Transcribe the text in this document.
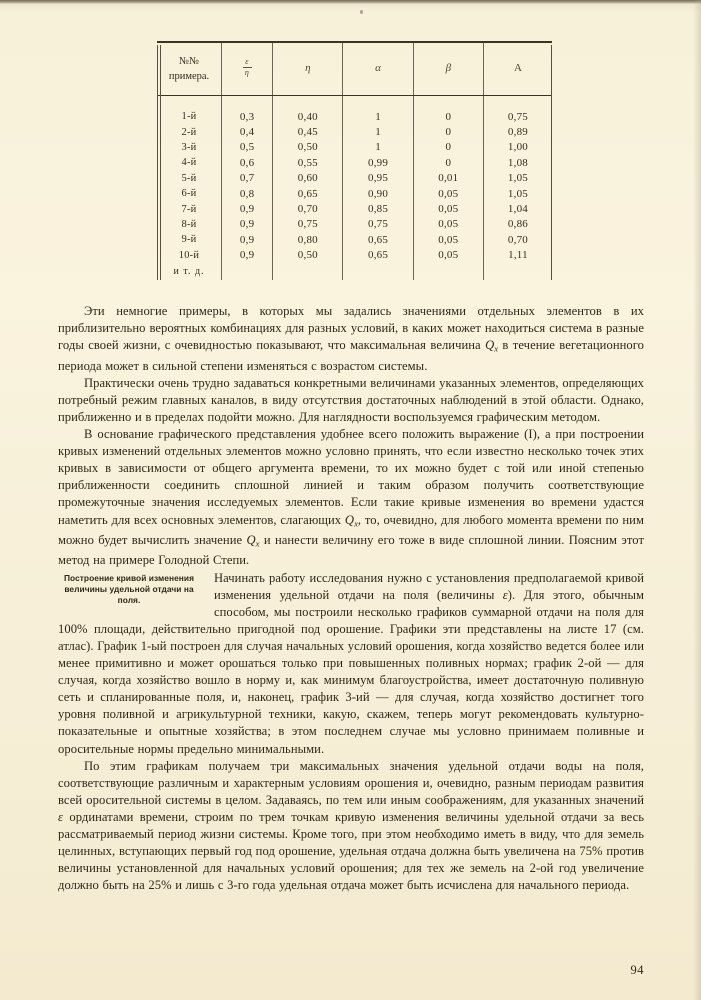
№№
примера.	$\frac{\varepsilon}{\eta}$	η	α	β	A

1-й	0,3	0,40	1	0	0,75
2-й	0,4	0,45	1	0	0,89
3-й	0,5	0,50	1	0	1,00
4-й	0,6	0,55	0,99	0	1,08
5-й	0,7	0,60	0,95	0,01	1,05
6-й	0,8	0,65	0,90	0,05	1,05
7-й	0,9	0,70	0,85	0,05	1,04
8-й	0,9	0,75	0,75	0,05	0,86
9-й	0,9	0,80	0,65	0,05	0,70
10-й	0,9	0,50	0,65	0,05	1,11
и т. д.					

Эти немногие примеры, в которых мы задались значениями отдельных элементов в их приблизительно вероятных комбинациях для разных условий, в каких может находиться система в разные годы своей жизни, с очевидностью показывают, что максимальная величина $Q_x$ в течение вегетационного периода может в сильной степени изменяться с возрастом системы.

Практически очень трудно задаваться конкретными величинами указанных элементов, определяющих потребный режим главных каналов, в виду отсутствия достаточных наблюдений в этой области. Однако, приближенно и в пределах подойти можно. Для наглядности воспользуемся графическим методом.

В основание графического представления удобнее всего положить выражение (I), а при построении кривых изменений отдельных элементов можно условно принять, что если известно несколько точек этих кривых в зависимости от общего аргумента времени, то их можно будет с той или иной степенью приближенности соединить сплошной линией и таким образом получить соответствующие промежуточные значения исследуемых элементов. Если такие кривые изменения во времени удастся наметить для всех основных элементов, слагающих $Q_x$, то, очевидно, для любого момента времени по ним можно будет вычислить значение $Q_x$ и нанести величину его тоже в виде сплошной линии. Поясним этот метод на примере Голодной Степи.

Построение кривой изменения величины удельной отдачи на поля.

Начинать работу исследования нужно с установления предполагаемой кривой изменения удельной отдачи на поля (величины ε). Для этого, обычным способом, мы построили несколько графиков суммарной отдачи на поля для 100% площади, действительно пригодной под орошение. Графики эти представлены на листе 17 (см. атлас). График 1-ый построен для случая начальных условий орошения, когда хозяйство ведется более или менее примитивно и может орошаться только при повышенных поливных нормах; график 2-ой — для случая, когда хозяйство вошло в норму и, как минимум благоустройства, имеет достаточную поливную сеть и спланированные поля, и, наконец, график 3-ий — для случая, когда хозяйство достигнет того уровня поливной и агрикультурной техники, какую, скажем, теперь могут рекомендовать культурно-показательные и опытные хозяйства; в этом последнем случае мы условно принимаем поливные и оросительные нормы предельно минимальными.

По этим графикам получаем три максимальных значения удельной отдачи воды на поля, соответствующие различным и характерным условиям орошения и, очевидно, разным периодам развития всей оросительной системы в целом. Задаваясь, по тем или иным соображениям, для указанных значений ε ординатами времени, строим по трем точкам кривую изменения величины удельной отдачи за весь рассматриваемый период жизни системы. Кроме того, при этом необходимо иметь в виду, что для земель целинных, вступающих первый год под орошение, удельная отдача должна быть увеличена на 75% против величины установленной для начальных условий орошения; для тех же земель на 2-ой год увеличение должно быть на 25% и лишь с 3-го года удельная отдача может быть исчислена для начального периода.

94
